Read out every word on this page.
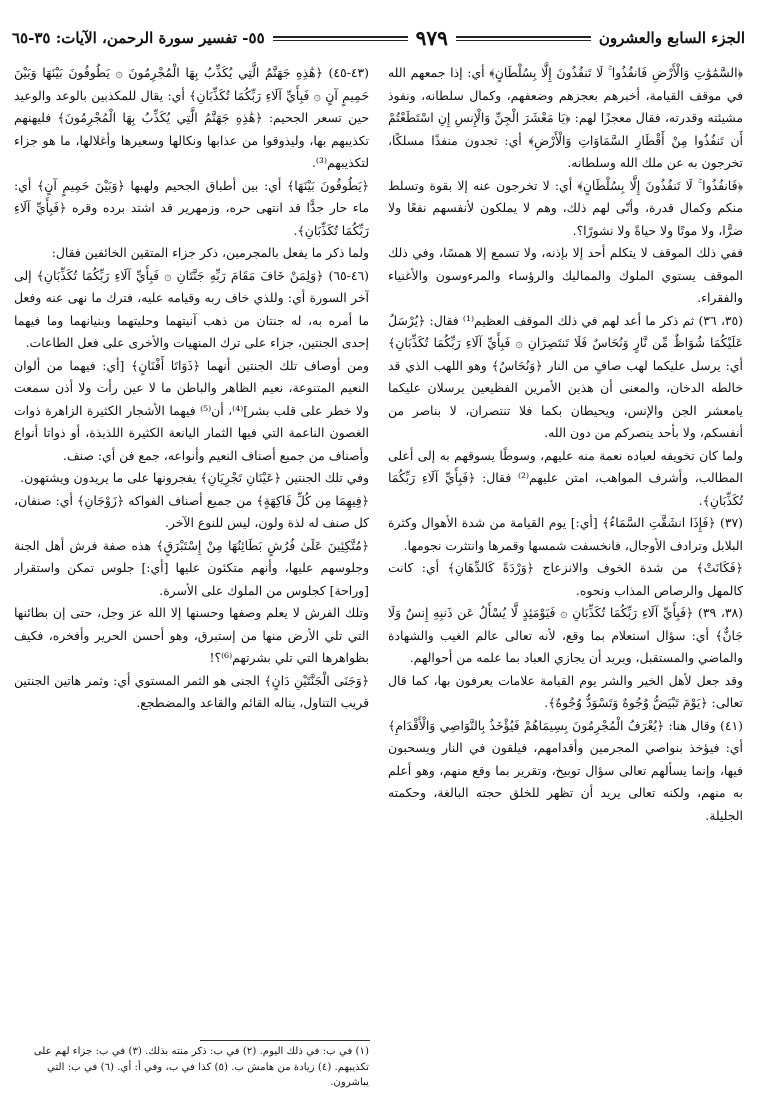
الجزء السابع والعشرون
٩٧٩
٥٥- تفسير سورة الرحمن، الآيات: ٣٥-٦٥

﴿السَّمَٰوَٰتِ وَالْأَرْضِ فَانفُذُوا ۚ لَا تَنفُذُونَ إِلَّا بِسُلْطَانٍ﴾ أي: إذا جمعهم الله في موقف القيامة، أخبرهم بعجزهم وضعفهم، وكمال سلطانه، ونفوذ مشيئته وقدرته، فقال معجزًا لهم: ﴿يَا مَعْشَرَ الْجِنِّ وَالْإِنسِ إِنِ اسْتَطَعْتُمْ أَن تَنفُذُوا مِنْ أَقْطَارِ السَّمَاوَاتِ وَالْأَرْضِ﴾ أي: تجدون منفذًا مسلكًا، تخرجون به عن ملك الله وسلطانه.

﴿فَانفُذُوا ۚ لَا تَنفُذُونَ إِلَّا بِسُلْطَانٍ﴾ أي: لا تخرجون عنه إلا بقوة وتسلط منكم وكمال قدرة، وأنّى لهم ذلك، وهم لا يملكون لأنفسهم نفعًا ولا ضرًّا، ولا موتًا ولا حياةً ولا نشورًا؟.

ففي ذلك الموقف لا يتكلم أحد إلا بإذنه، ولا تسمع إلا همسًا، وفي ذلك الموقف يستوي الملوك والمماليك والرؤساء والمرءوسون والأغنياء والفقراء.

(٣٥، ٣٦) ثم ذكر ما أعد لهم في ذلك الموقف العظيم⁽¹⁾ فقال: ﴿يُرْسَلُ عَلَيْكُمَا شُوَاظٌ مِّن نَّارٍ وَنُحَاسٌ فَلَا تَنتَصِرَانِ ۞ فَبِأَيِّ آلَاءِ رَبِّكُمَا تُكَذِّبَانِ﴾ أي: يرسل عليكما لهب صافٍ من النار ﴿وَنُحَاسٌ﴾ وهو اللهب الذي قد خالطه الدخان، والمعنى أن هذين الأمرين الفظيعين يرسلان عليكما يامعشر الجن والإنس، ويحيطان بكما فلا تنتصران، لا بناصر من أنفسكم، ولا بأحد ينصركم من دون الله.

ولما كان تخويفه لعباده نعمة منه عليهم، وسوطًا يسوقهم به إلى أعلى المطالب، وأشرف المواهب، امتن عليهم⁽²⁾ فقال: ﴿فَبِأَيِّ آلَاءِ رَبِّكُمَا تُكَذِّبَانِ﴾.

(٣٧) ﴿فَإِذَا انشَقَّتِ السَّمَاءُ﴾ [أي:] يوم القيامة من شدة الأهوال وكثرة البلابل وترادف الأوجال، فانخسفت شمسها وقمرها وانتثرت نجومها.

﴿فَكَانَتْ﴾ من شدة الخوف والانزعاج ﴿وَرْدَةً كَالدِّهَانِ﴾ أي: كانت كالمهل والرصاص المذاب ونحوه.

(٣٨، ٣٩) ﴿فَبِأَيِّ آلَاءِ رَبِّكُمَا تُكَذِّبَانِ ۞ فَيَوْمَئِذٍ لَّا يُسْأَلُ عَن ذَنبِهِ إِنسٌ وَلَا جَانٌّ﴾ أي: سؤال استعلام بما وقع، لأنه تعالى عالم الغيب والشهادة والماضي والمستقبل، ويريد أن يجازي العباد بما علمه من أحوالهم.

وقد جعل لأهل الخير والشر يوم القيامة علامات يعرفون بها، كما قال تعالى: ﴿يَوْمَ تَبْيَضُّ وُجُوهٌ وَتَسْوَدُّ وُجُوهٌ﴾.

(٤١) وقال هنا: ﴿يُعْرَفُ الْمُجْرِمُونَ بِسِيمَاهُمْ فَيُؤْخَذُ بِالنَّوَاصِي وَالْأَقْدَامِ﴾ أي: فيؤخذ بنواصي المجرمين وأقدامهم، فيلقون في النار ويسحبون فيها، وإنما يسألهم تعالى سؤال توبيخ، وتقرير بما وقع منهم، وهو أعلم به منهم، ولكنه تعالى يريد أن تظهر للخلق حجته البالغة، وحكمته الجليلة.

(٤٣-٤٥) ﴿هَٰذِهِ جَهَنَّمُ الَّتِي يُكَذِّبُ بِهَا الْمُجْرِمُونَ ۞ يَطُوفُونَ بَيْنَهَا وَبَيْنَ حَمِيمٍ آنٍ ۞ فَبِأَيِّ آلَاءِ رَبِّكُمَا تُكَذِّبَانِ﴾ أي: يقال للمكذبين بالوعد والوعيد حين تسعر الجحيم: ﴿هَٰذِهِ جَهَنَّمُ الَّتِي يُكَذِّبُ بِهَا الْمُجْرِمُونَ﴾ فليهنهم تكذيبهم بها، وليذوقوا من عذابها ونكالها وسعيرها وأغلالها، ما هو جزاء لتكذيبهم⁽³⁾.

﴿يَطُوفُونَ بَيْنَهَا﴾ أي: بين أطباق الجحيم ولهبها ﴿وَبَيْنَ حَمِيمٍ آنٍ﴾ أي: ماء حار جدًّا قد انتهى حره، وزمهرير قد اشتد برده وقره ﴿فَبِأَيِّ آلَاءِ رَبِّكُمَا تُكَذِّبَانِ﴾.

ولما ذكر ما يفعل بالمجرمين، ذكر جزاء المتقين الخائفين فقال:

(٤٦-٦٥) ﴿وَلِمَنْ خَافَ مَقَامَ رَبِّهِ جَنَّتَانِ ۞ فَبِأَيِّ آلَاءِ رَبِّكُمَا تُكَذِّبَانِ﴾ إلى آخر السورة أي: وللذي خاف ربه وقيامه عليه، فترك ما نهى عنه وفعل ما أمره به، له جنتان من ذهب آنيتهما وحليتهما وبنيانهما وما فيهما إحدى الجنتين، جزاء على ترك المنهيات والأخرى على فعل الطاعات.

ومن أوصاف تلك الجنتين أنهما ﴿ذَوَاتَا أَفْنَانٍ﴾ [أي: فيهما من ألوان النعيم المتنوعة، نعيم الظاهر والباطن ما لا عين رأت ولا أذن سمعت ولا خطر على قلب بشر]⁽⁴⁾، أن⁽⁵⁾ فيهما الأشجار الكثيرة الزاهرة ذوات الغصون الناعمة التي فيها الثمار اليانعة الكثيرة اللذيذة، أو ذواتا أنواع وأصناف من جميع أصناف النعيم وأنواعه، جمع فن أي: صنف.

وفي تلك الجنتين ﴿عَيْنَانِ تَجْرِيَانِ﴾ يفجرونها على ما يريدون ويشتهون.

﴿فِيهِمَا مِن كُلِّ فَاكِهَةٍ﴾ من جميع أصناف الفواكه ﴿زَوْجَانِ﴾ أي: صنفان، كل صنف له لذة ولون، ليس للنوع الآخر.

﴿مُتَّكِئِينَ عَلَىٰ فُرُشٍ بَطَائِنُهَا مِنْ إِسْتَبْرَقٍ﴾ هذه صفة فرش أهل الجنة وجلوسهم عليها، وأنهم متكئون عليها [أي:] جلوس تمكن واستقرار [وراحة] كجلوس من الملوك على الأسرة.

وتلك الفرش لا يعلم وصفها وحسنها إلا الله عز وجل، حتى إن بطائنها التي تلي الأرض منها من إستبرق، وهو أحسن الحرير وأفخره، فكيف بظواهرها التي تلي بشرتهم⁽⁶⁾؟!

﴿وَجَنَى الْجَنَّتَيْنِ دَانٍ﴾ الجنى هو الثمر المستوي أي: وثمر هاتين الجنتين قريب التناول، يناله القائم والقاعد والمضطجع.

(١) في ب: في ذلك اليوم. (٢) في ب: ذكر منته بذلك. (٣) في ب: جزاء لهم على تكذيبهم. (٤) زيادة من هامش ب. (٥) كذا في ب، وفي أ: أي. (٦) في ب: التي يباشرون.
